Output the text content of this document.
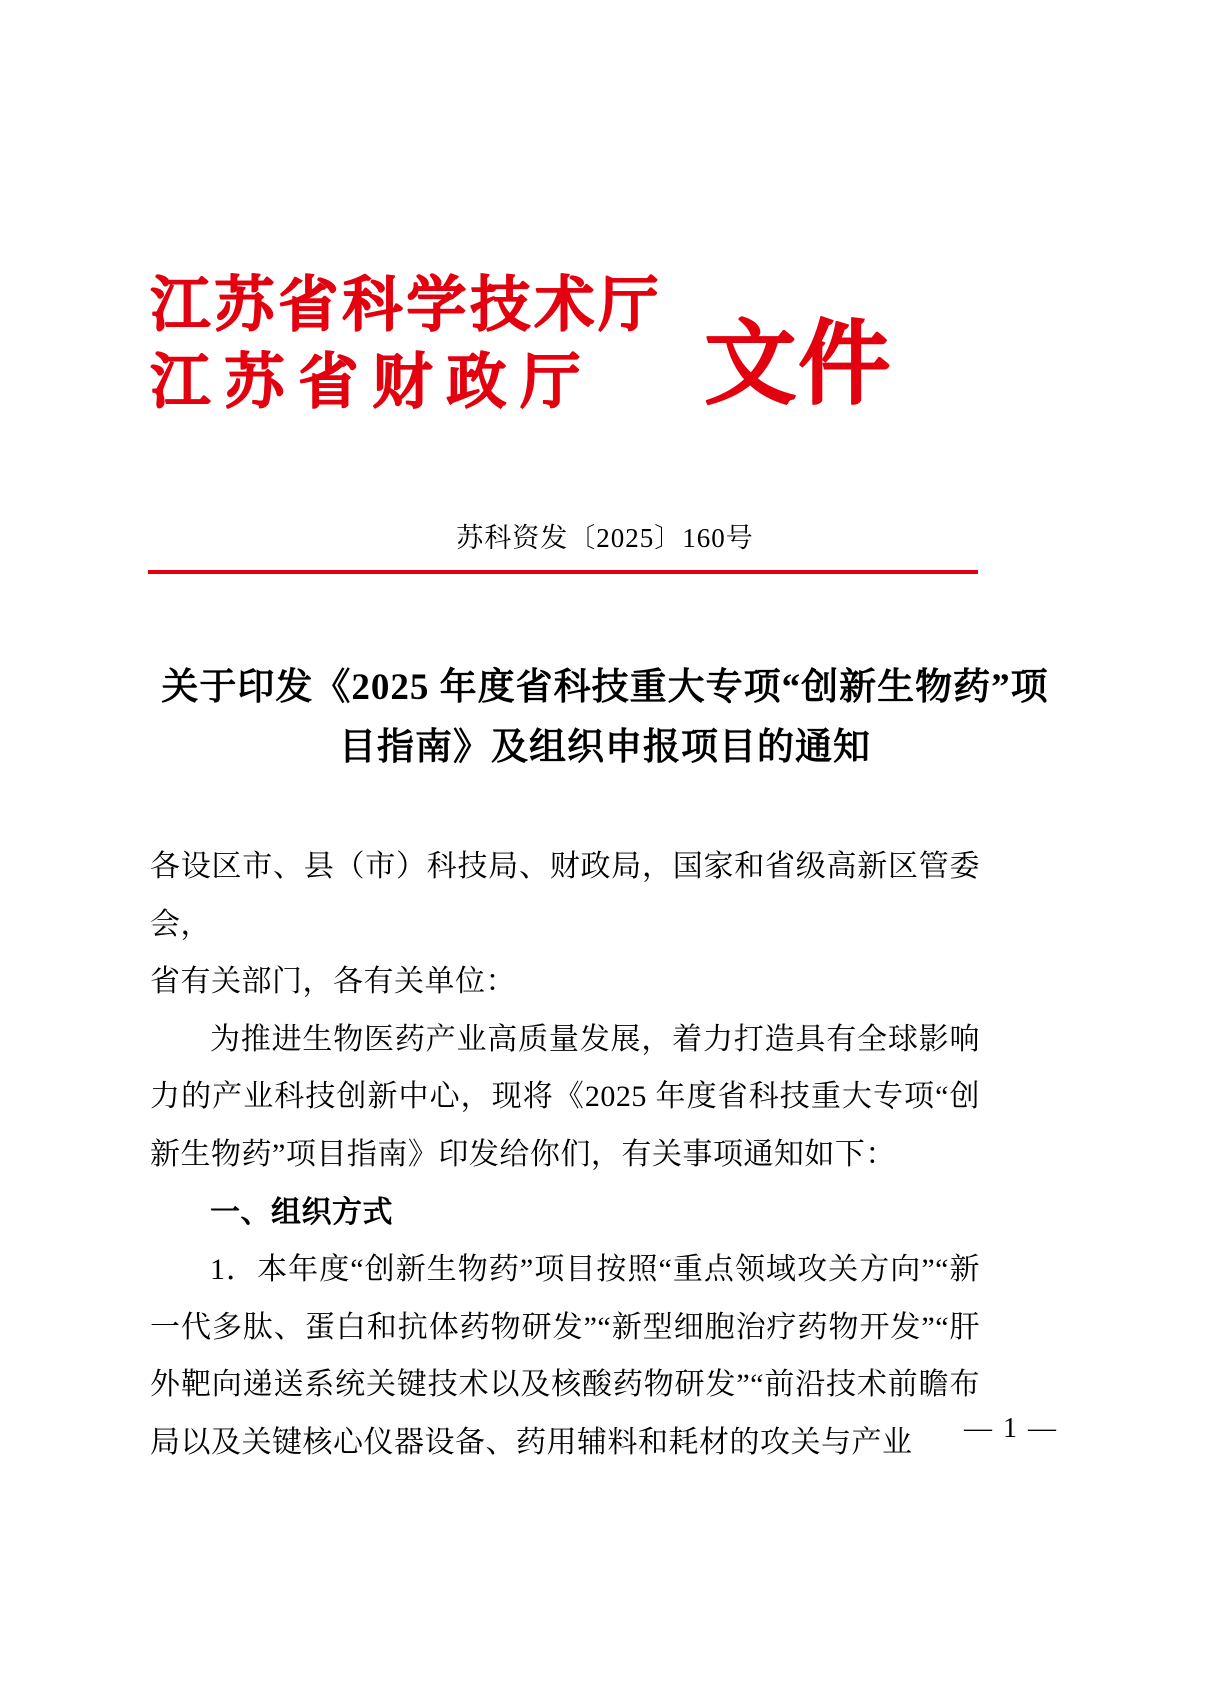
江苏省科学技术厅
江苏省财政厅	文件
苏科资发〔2025〕160号
关于印发《2025 年度省科技重大专项“创新生物药”项目指南》及组织申报项目的通知

各设区市、县（市）科技局、财政局，国家和省级高新区管委会，

省有关部门，各有关单位：

为推进生物医药产业高质量发展，着力打造具有全球影响力的产业科技创新中心，现将《2025 年度省科技重大专项“创新生物药”项目指南》印发给你们，有关事项通知如下：

一、组织方式

1．本年度“创新生物药”项目按照“重点领域攻关方向”“新一代多肽、蛋白和抗体药物研发”“新型细胞治疗药物开发”“肝外靶向递送系统关键技术以及核酸药物研发”“前沿技术前瞻布局以及关键核心仪器设备、药用辅料和耗材的攻关与产业	— 1 —
